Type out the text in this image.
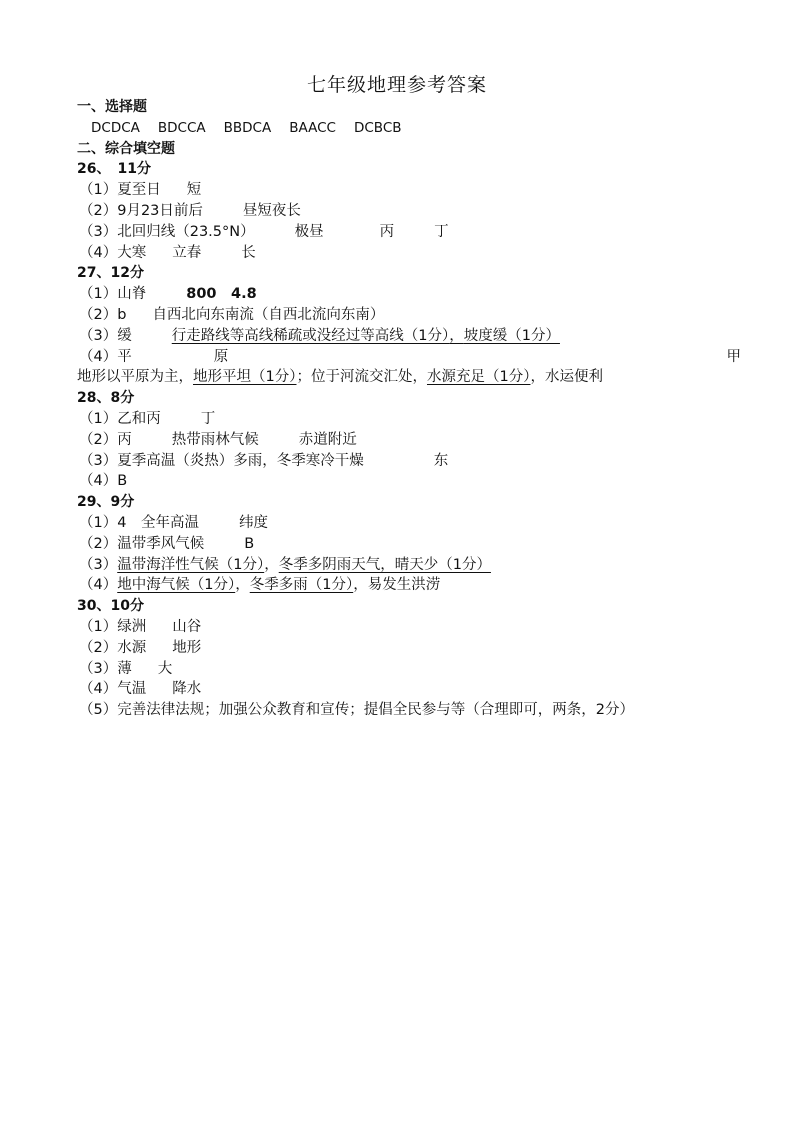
七年级地理参考答案
一、选择题
DCDCA BDCCA BBDCA BAACC DCBCB
二、综合填空题
26、　11分
（1）夏至日 短
（2）9月23日前后	昼短夜长
（3）北回归线（23.5°N）	极昼	丙	丁
（4）大寒 立春	长
27、12分
（1）山脊	800　4.8
（2）b 自西北向东南流（自西北流向东南）
（3）缓	行走路线等高线稀疏或没经过等高线（1分），坡度缓（1分）
（4）平	原	甲
地形以平原为主，地形平坦（1分）；位于河流交汇处，水源充足（1分），水运便利
28、8分
（1）乙和丙	丁
（2）丙	热带雨林气候	赤道附近
（3）夏季高温（炎热）多雨，冬季寒冷干燥	东
（4）B
29、9分
（1）4　全年高温	纬度
（2）温带季风气候	B
（3）温带海洋性气候（1分），冬季多阴雨天气，晴天少（1分）
（4）地中海气候（1分），冬季多雨（1分），易发生洪涝
30、10分
（1）绿洲 山谷
（2）水源 地形
（3）薄 大
（4）气温 降水
（5）完善法律法规；加强公众教育和宣传；提倡全民参与等（合理即可，两条，2分）
